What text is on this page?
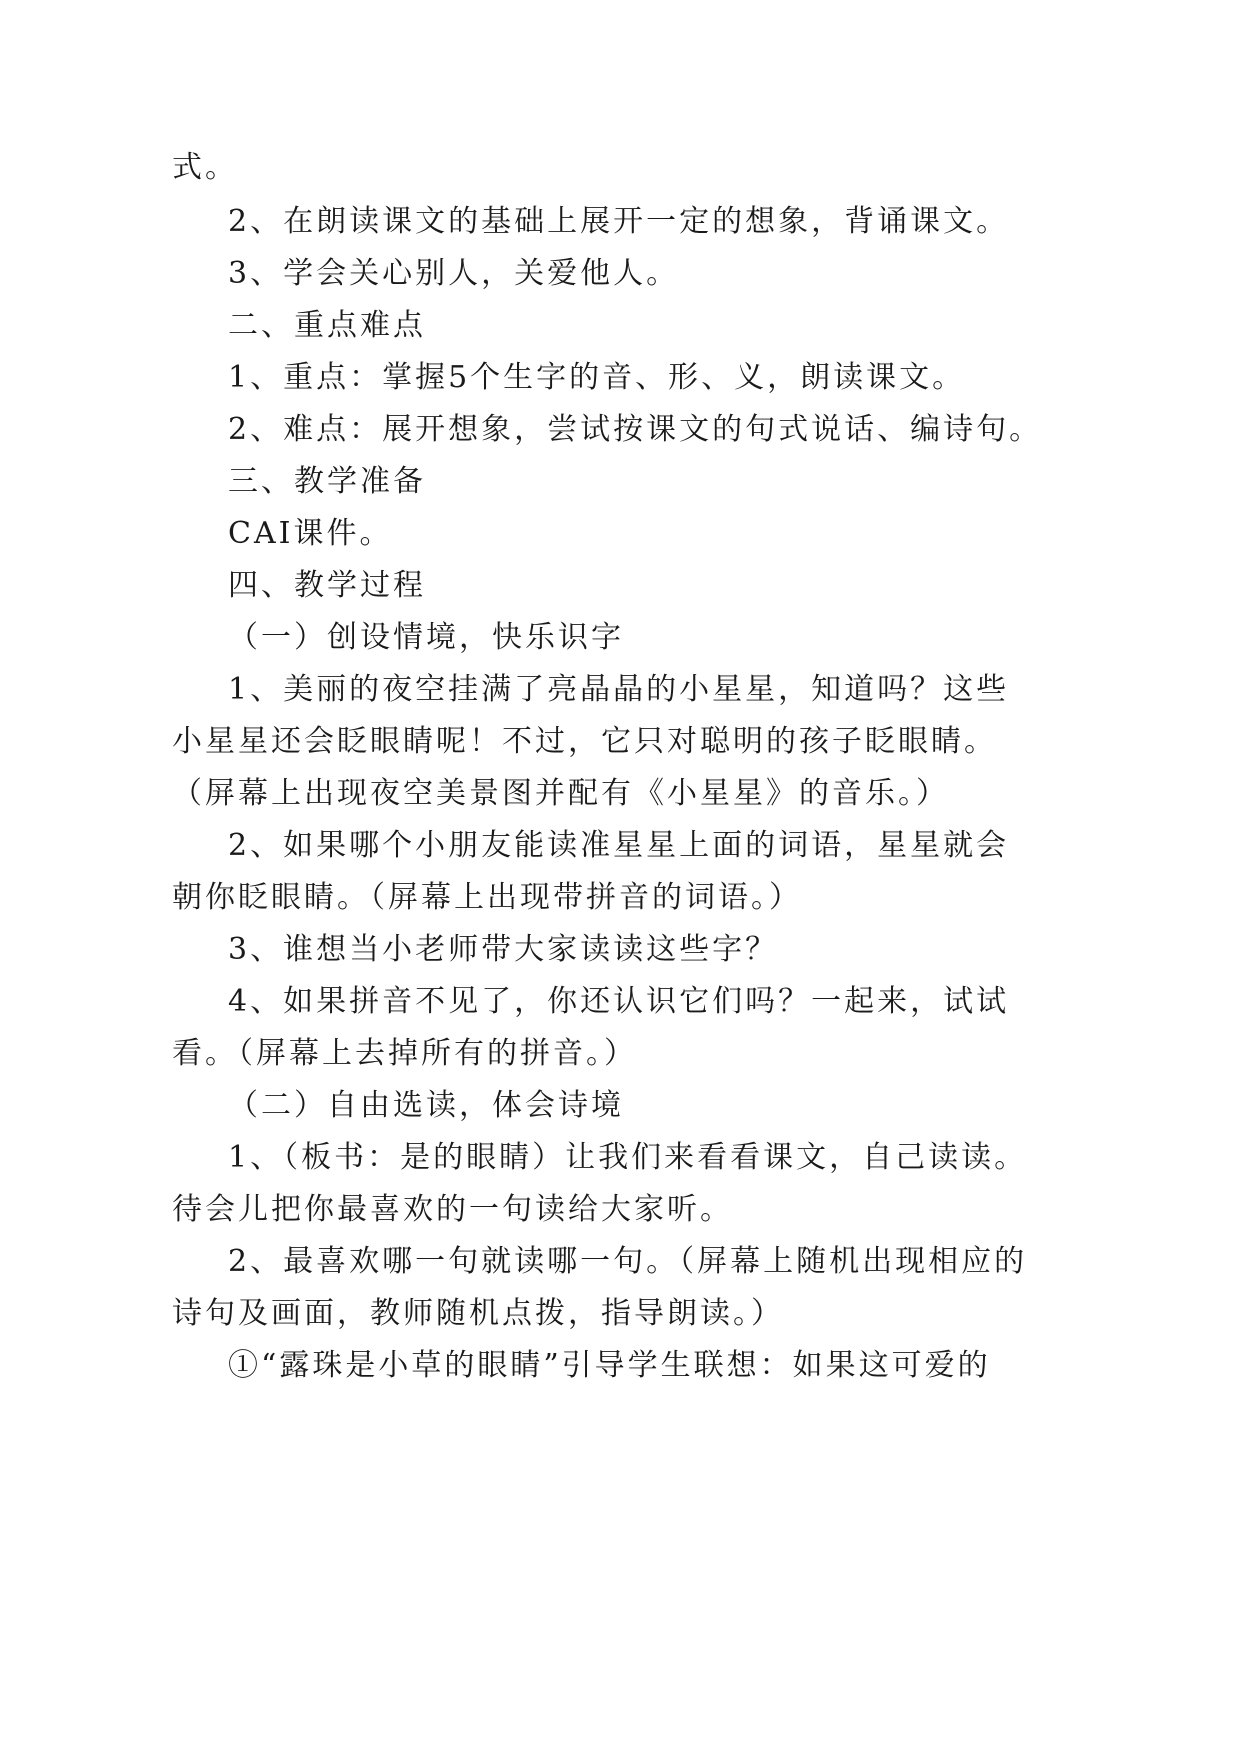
式。
2、在朗读课文的基础上展开一定的想象，背诵课文。
3、学会关心别人，关爱他人。
二、重点难点
1、重点：掌握5个生字的音、形、义，朗读课文。
2、难点：展开想象，尝试按课文的句式说话、编诗句。
三、教学准备
CAI课件。
四、教学过程
（一）创设情境，快乐识字
1、美丽的夜空挂满了亮晶晶的小星星，知道吗？这些
小星星还会眨眼睛呢！不过，它只对聪明的孩子眨眼睛。
（屏幕上出现夜空美景图并配有《小星星》的音乐。）
2、如果哪个小朋友能读准星星上面的词语，星星就会
朝你眨眼睛。（屏幕上出现带拼音的词语。）
3、谁想当小老师带大家读读这些字？
4、如果拼音不见了，你还认识它们吗？一起来，试试
看。（屏幕上去掉所有的拼音。）
（二）自由选读，体会诗境
1、（板书：是的眼睛）让我们来看看课文，自己读读。
待会儿把你最喜欢的一句读给大家听。
2、最喜欢哪一句就读哪一句。（屏幕上随机出现相应的
诗句及画面，教师随机点拨，指导朗读。）
①“露珠是小草的眼睛”引导学生联想：如果这可爱的
